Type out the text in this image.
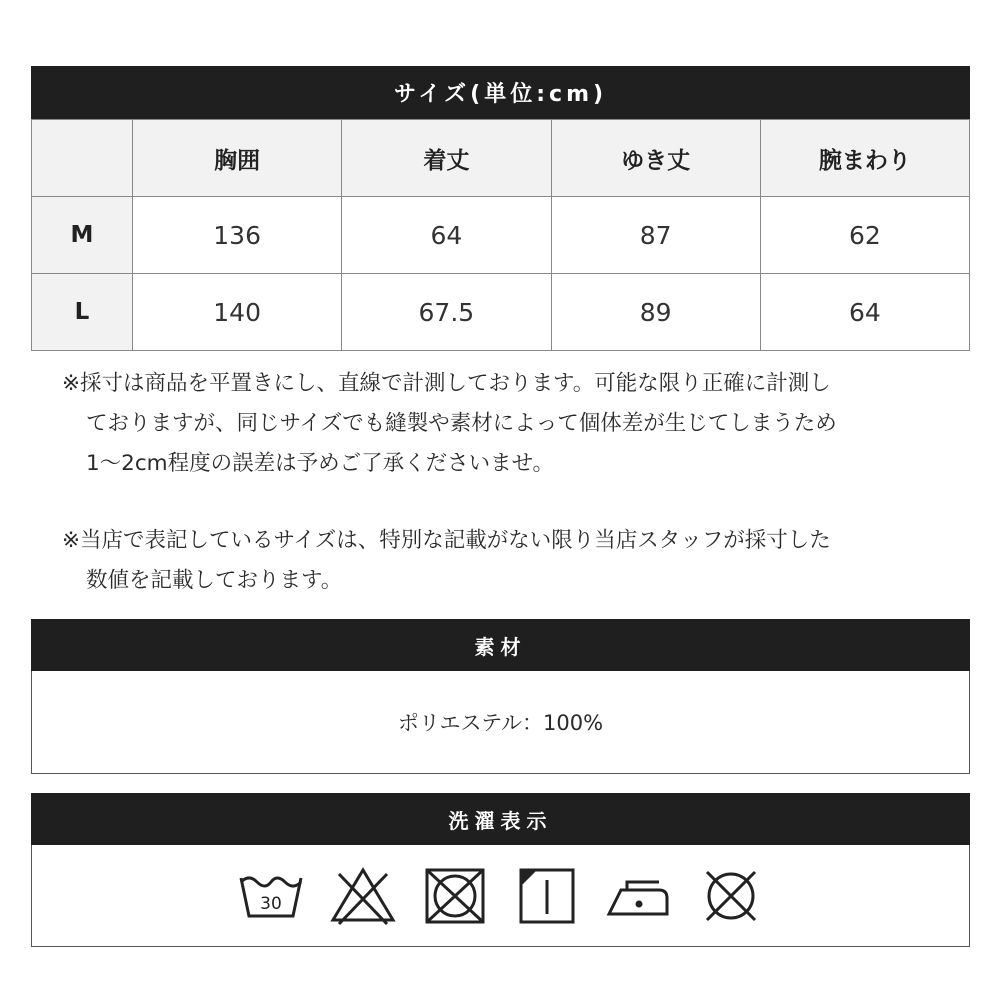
サイズ(単位:cm)
	胸囲	着丈	ゆき丈	腕まわり
M	136	64	87	62
L	140	67.5	89	64
※採寸は商品を平置きにし、直線で計測しております。可能な限り正確に計測し
ておりますが、同じサイズでも縫製や素材によって個体差が生じてしまうため
1～2cm程度の誤差は予めご了承くださいませ。
※当店で表記しているサイズは、特別な記載がない限り当店スタッフが採寸した
数値を記載しております。
素材
ポリエステル：100%
洗濯表示
30
